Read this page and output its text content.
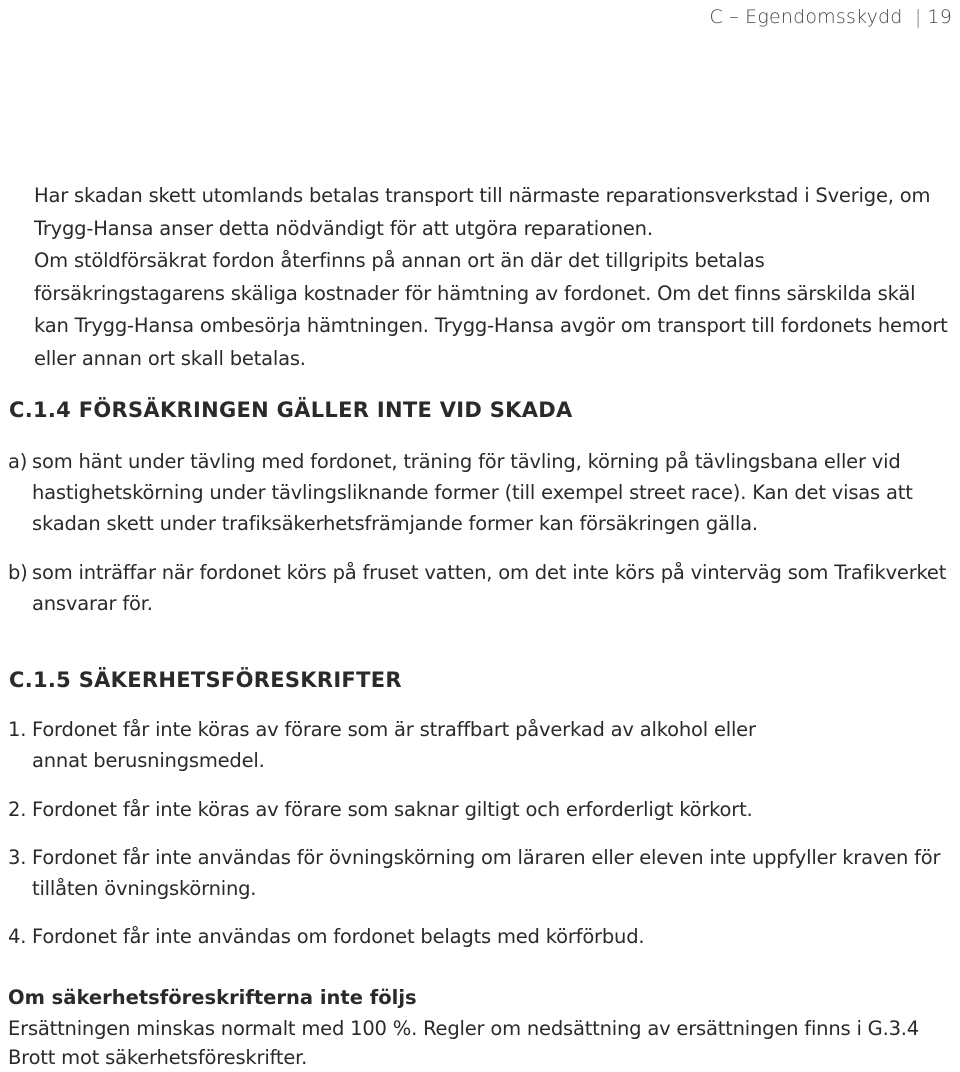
C – Egendomsskydd | 19

Har skadan skett utomlands betalas transport till närmaste reparationsverkstad i Sverige, om Trygg-Hansa anser detta nödvändigt för att utgöra reparationen.

Om stöldförsäkrat fordon återfinns på annan ort än där det tillgripits betalas försäkringstagarens skäliga kostnader för hämtning av fordonet. Om det finns särskilda skäl kan Trygg-Hansa ombesörja hämtningen. Trygg-Hansa avgör om transport till fordonets hemort eller annan ort skall betalas.

C.1.4 FÖRSÄKRINGEN GÄLLER INTE VID SKADA
a) som hänt under tävling med fordonet, träning för tävling, körning på tävlingsbana eller vid hastighetskörning under tävlingsliknande former (till exempel street race). Kan det visas att skadan skett under trafiksäkerhetsfrämjande former kan försäkringen gälla.
b) som inträffar när fordonet körs på fruset vatten, om det inte körs på vinterväg som Trafikverket ansvarar för.
C.1.5 SÄKERHETSFÖRESKRIFTER
1. Fordonet får inte köras av förare som är straffbart påverkad av alkohol eller annat berusningsmedel.
2. Fordonet får inte köras av förare som saknar giltigt och erforderligt körkort.
3. Fordonet får inte användas för övningskörning om läraren eller eleven inte uppfyller kraven för tillåten övningskörning.
4. Fordonet får inte användas om fordonet belagts med körförbud.
Om säkerhetsföreskrifterna inte följs
Ersättningen minskas normalt med 100 %. Regler om nedsättning av ersättningen finns i G.3.4 Brott mot säkerhetsföreskrifter.
